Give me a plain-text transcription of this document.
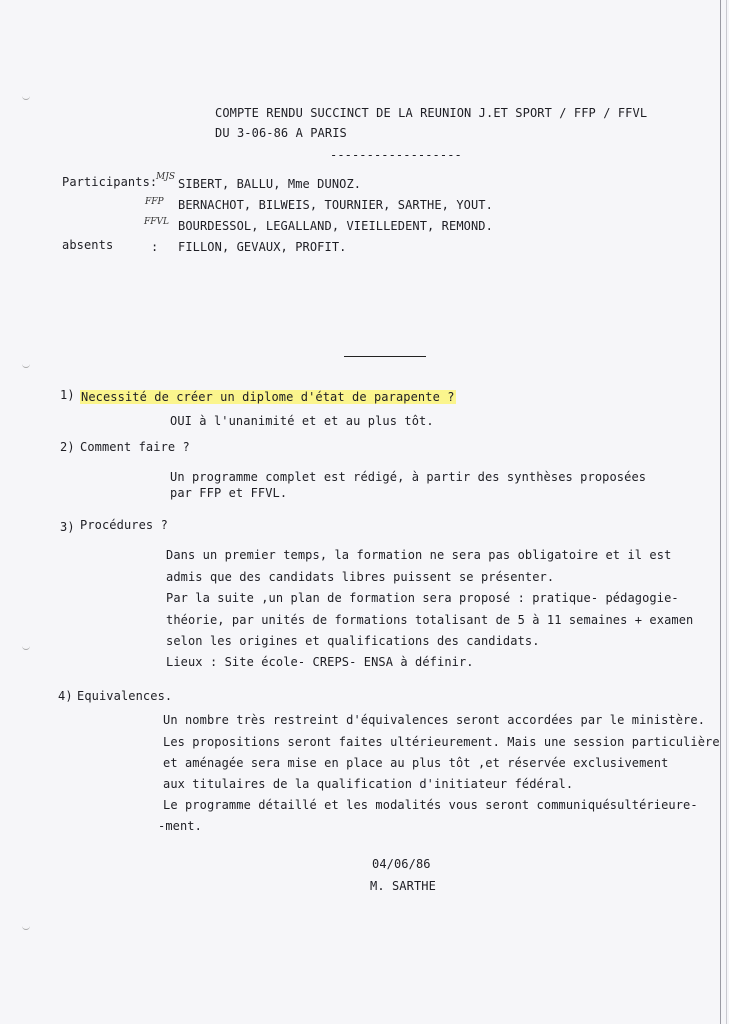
COMPTE RENDU SUCCINCT DE LA REUNION J.ET SPORT / FFP / FFVL
DU 3-06-86 A PARIS
------------------
Participants:
MJS SIBERT, BALLU, Mme DUNOZ.
FFP BERNACHOT, BILWEIS, TOURNIER, SARTHE, YOUT.
FFVL BOURDESSOL, LEGALLAND, VIEILLEDENT, REMOND.
absents	: FILLON, GEVAUX, PROFIT.
1) Necessité de créer un diplome d'état de parapente ?
OUI à l'unanimité et et au plus tôt.
2) Comment faire ?
Un programme complet est rédigé, à partir des synthèses proposées
par FFP et FFVL.
3) Procédures ?
Dans un premier temps, la formation ne sera pas obligatoire et il est
admis que des candidats libres puissent se présenter.
Par la suite ,un plan de formation sera proposé : pratique- pédagogie-
théorie, par unités de formations totalisant de 5 à 11 semaines + examen
selon les origines et qualifications des candidats.
Lieux : Site école- CREPS- ENSA à définir.
4) Equivalences.
Un nombre très restreint d'équivalences seront accordées par le ministère.
Les propositions seront faites ultérieurement. Mais une session particulière
et aménagée sera mise en place au plus tôt ,et réservée exclusivement
aux titulaires de la qualification d'initiateur fédéral.
Le programme détaillé et les modalités vous seront communiquésultérieure-
-ment.
04/06/86
M. SARTHE
